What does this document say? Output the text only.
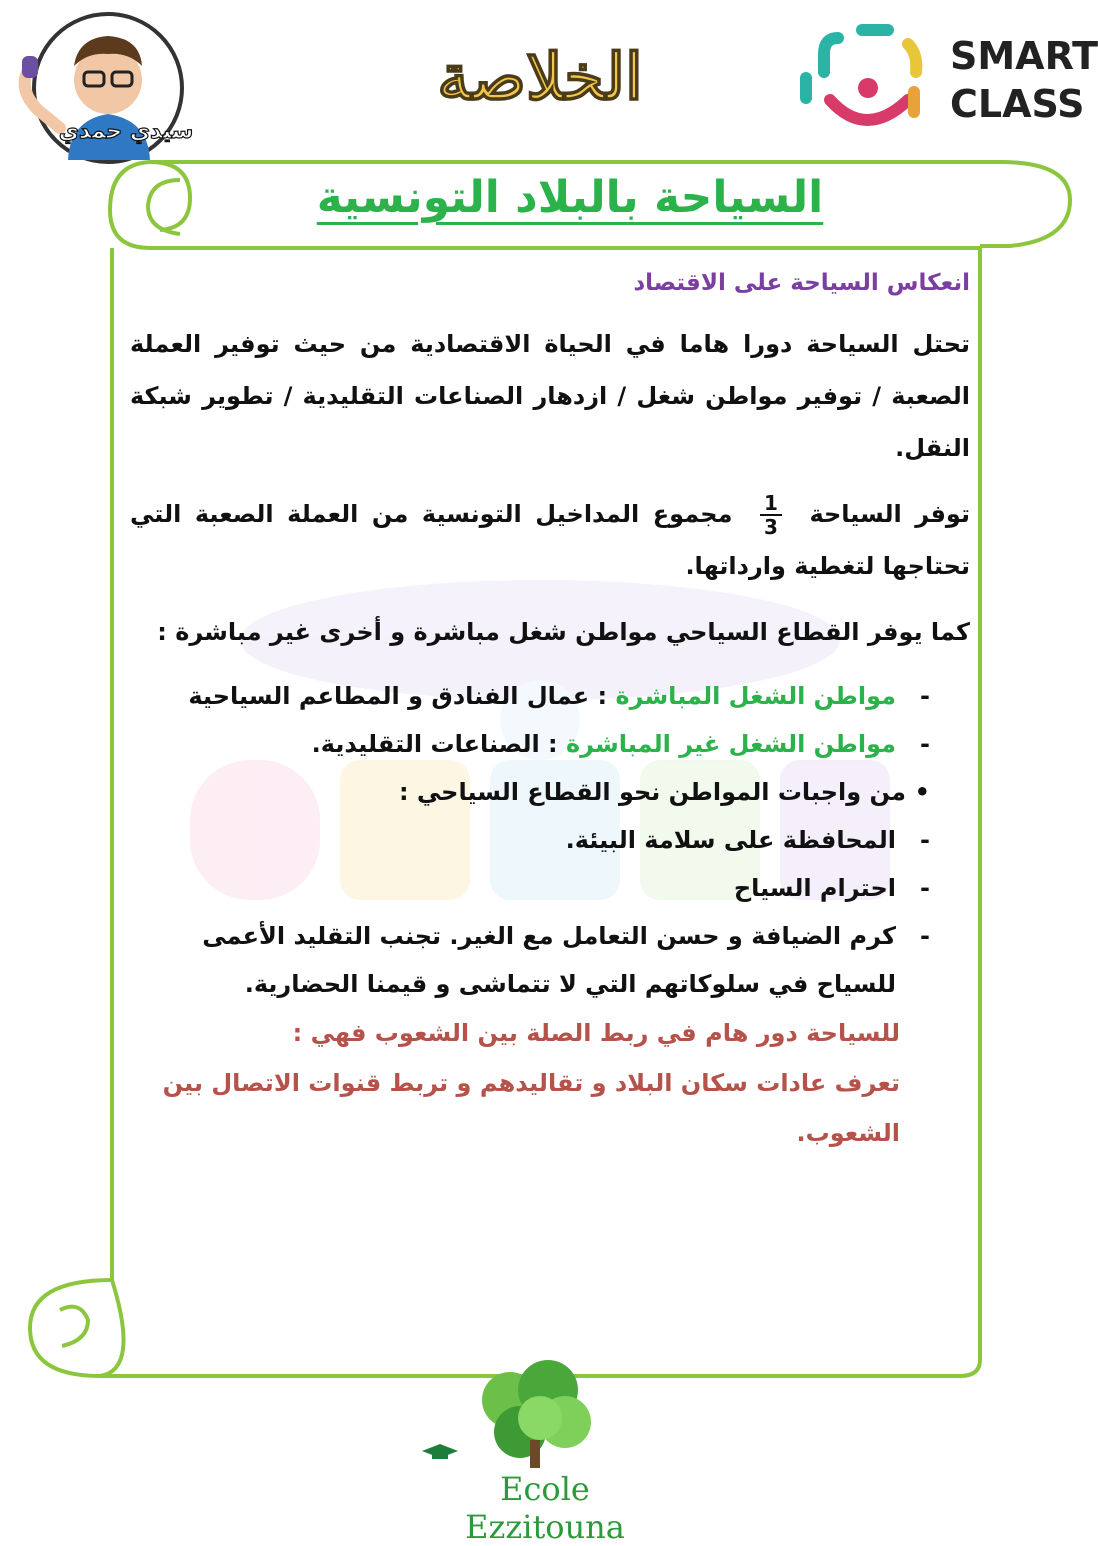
سيدي حمدي
الخلاصة	SMART
CLASS
السياحة بالبلاد التونسية
انعكاس السياحة على الاقتصاد

تحتل السياحة دورا هاما في الحياة الاقتصادية من حيث توفير العملة الصعبة / توفير مواطن شغل / ازدهار الصناعات التقليدية / تطوير شبكة النقل.

توفر السياحة
$\frac{1}{3}$
مجموع المداخيل التونسية من العملة الصعبة التي تحتاجها لتغطية وارداتها.

كما يوفر القطاع السياحي مواطن شغل مباشرة و أخرى غير مباشرة :

-
مواطن الشغل المباشرة : عمال الفنادق و المطاعم السياحية
-
مواطن الشغل غير المباشرة : الصناعات التقليدية.
•
من واجبات المواطن نحو القطاع السياحي :
-
المحافظة على سلامة البيئة.
-
احترام السياح
-
كرم الضيافة و حسن التعامل مع الغير. تجنب التقليد الأعمى للسياح في سلوكاتهم التي لا تتماشى و قيمنا الحضارية.
للسياحة دور هام في ربط الصلة بين الشعوب فهي :
تعرف عادات سكان البلاد و تقاليدهم و تربط قنوات الاتصال بين الشعوب.
Ecole Ezzitouna
